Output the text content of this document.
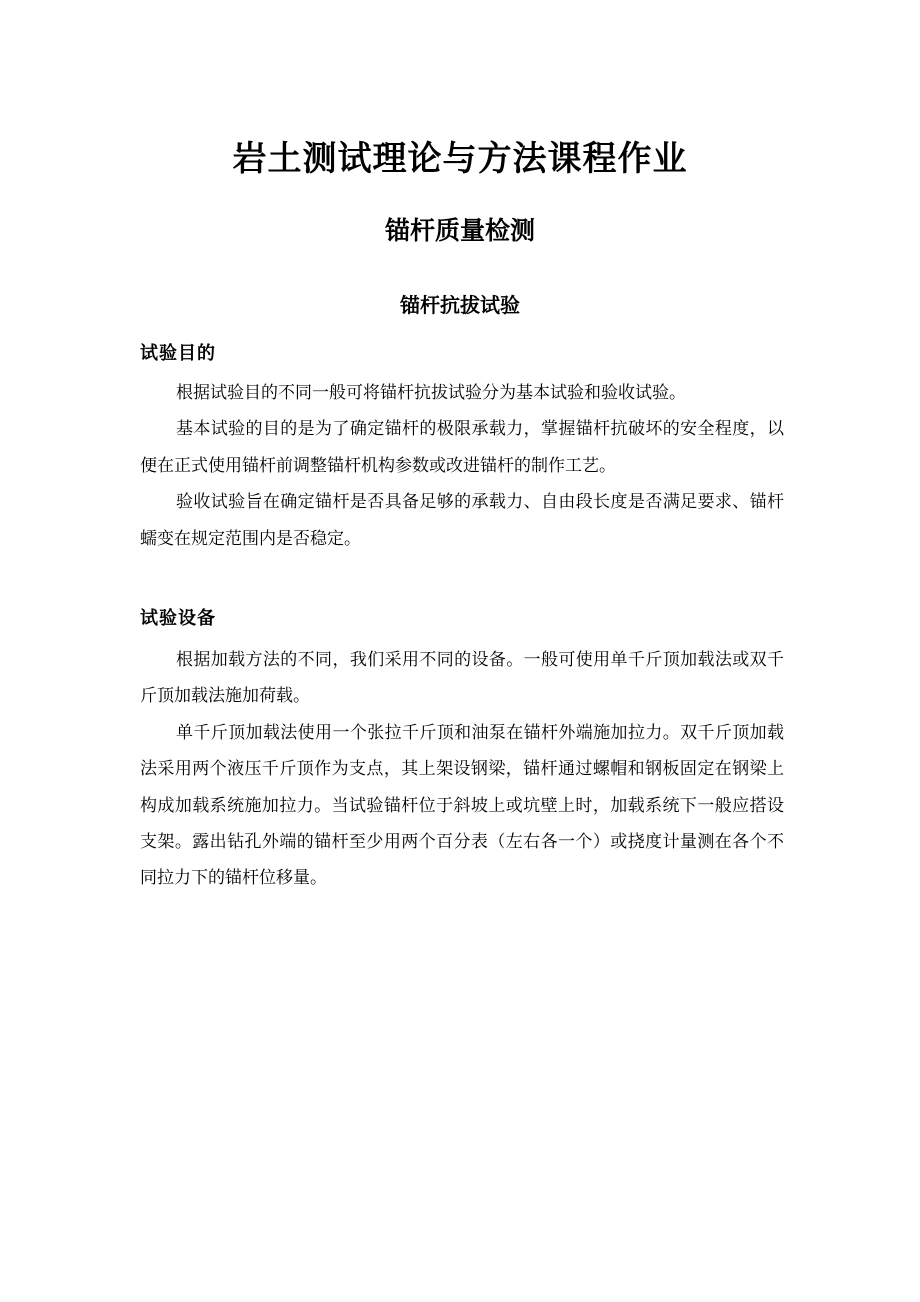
岩土测试理论与方法课程作业
锚杆质量检测
锚杆抗拔试验
试验目的

根据试验目的不同一般可将锚杆抗拔试验分为基本试验和验收试验。

基本试验的目的是为了确定锚杆的极限承载力，掌握锚杆抗破坏的安全程度，以便在正式使用锚杆前调整锚杆机构参数或改进锚杆的制作工艺。

验收试验旨在确定锚杆是否具备足够的承载力、自由段长度是否满足要求、锚杆蠕变在规定范围内是否稳定。

试验设备

根据加载方法的不同，我们采用不同的设备。一般可使用单千斤顶加载法或双千斤顶加载法施加荷载。

单千斤顶加载法使用一个张拉千斤顶和油泵在锚杆外端施加拉力。双千斤顶加载法采用两个液压千斤顶作为支点，其上架设钢梁，锚杆通过螺帽和钢板固定在钢梁上构成加载系统施加拉力。当试验锚杆位于斜坡上或坑壁上时，加载系统下一般应搭设支架。露出钻孔外端的锚杆至少用两个百分表（左右各一个）或挠度计量测在各个不同拉力下的锚杆位移量。
